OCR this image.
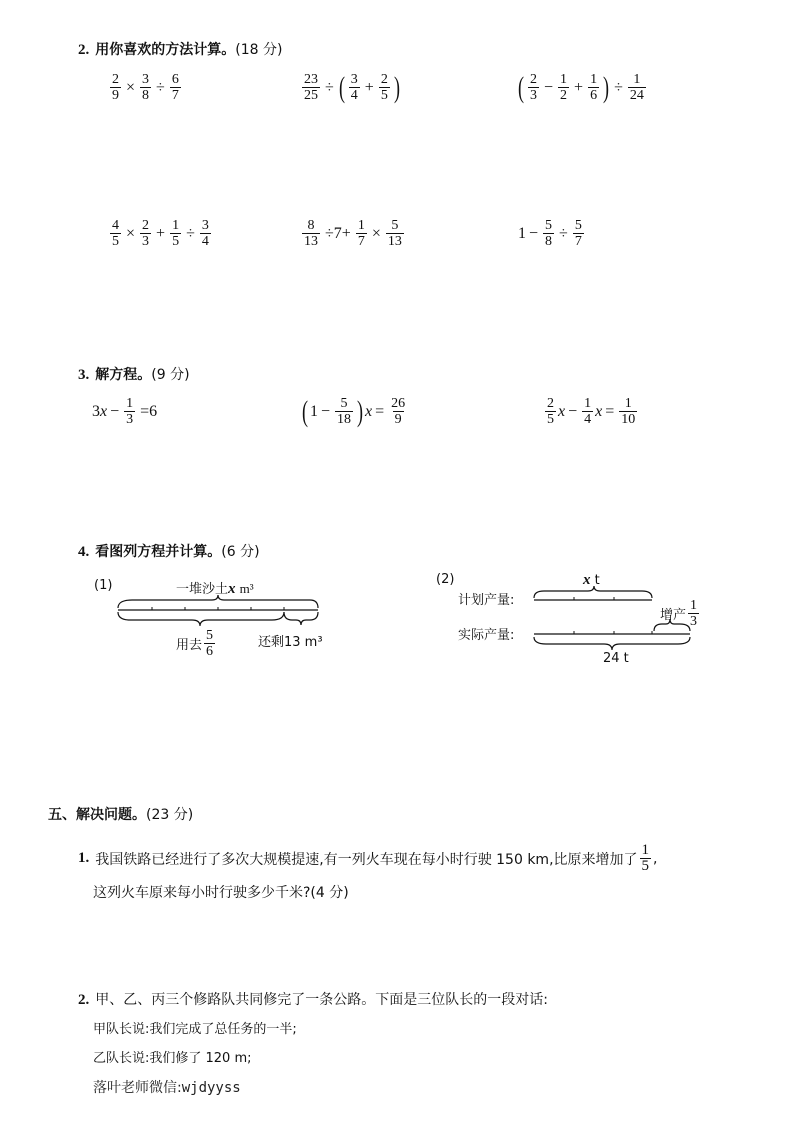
2. 用你喜欢的方法计算。(18 分)
$\frac{2}{9} \times \frac{3}{8} \div \frac{6}{7}$	$\frac{23}{25}$ ÷ ( $\frac{3}{4} + \frac{2}{5}$ )	( $\frac{2}{3} - \frac{1}{2} + \frac{1}{6}$ ) ÷ $\frac{1}{24}$
$\frac{4}{5} \times \frac{2}{3} + \frac{1}{5} \div \frac{3}{4}$	$\frac{8}{13} \div 7+ \frac{1}{7} \times \frac{5}{13}$	$1 - \frac{5}{8} \div \frac{5}{7}$
3. 解方程。(9 分)
$3x - \frac{1}{3} =6$	( $1 - \frac{5}{18}$ ) $x = \frac{26}{9}$	$\frac{2}{5}$ $x - \frac{1}{4}$ $x = \frac{1}{10}$
4. 看图列方程并计算。(6 分)
(1)	一堆沙土x m³
用去 $\frac{5}{6}$	还剩13 m³
(2)	x t
计划产量:
实际产量:
增产 $\frac{1}{3}$
24 t
五、解决问题。(23 分)
1. 我国铁路已经进行了多次大规模提速,有一列火车现在每小时行驶 150 km,比原来增加了 $\frac{1}{5}$ ,
这列火车原来每小时行驶多少千米?(4 分)
2. 甲、乙、丙三个修路队共同修完了一条公路。下面是三位队长的一段对话:
甲队长说:我们完成了总任务的一半;
乙队长说:我们修了 120 m;
落叶老师微信:wjdyyss
